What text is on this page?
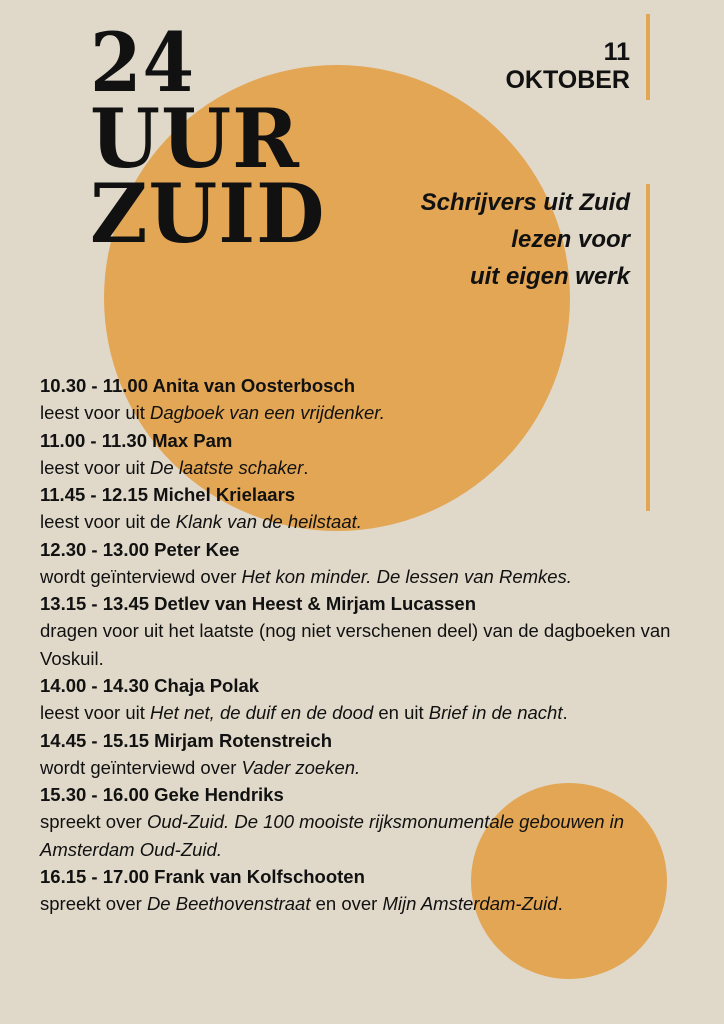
24
UUR
ZUID
11
OKTOBER
Schrijvers uit Zuid
lezen voor
uit eigen werk
10.30 - 11.00 Anita van Oosterbosch
leest voor uit Dagboek van een vrijdenker.
11.00 - 11.30 Max Pam
leest voor uit De laatste schaker.
11.45 - 12.15 Michel Krielaars
leest voor uit de Klank van de heilstaat.
12.30 - 13.00 Peter Kee
wordt geïnterviewd over Het kon minder. De lessen van Remkes.
13.15 - 13.45 Detlev van Heest & Mirjam Lucassen
dragen voor uit het laatste (nog niet verschenen deel) van de dagboeken van Voskuil.
14.00 - 14.30 Chaja Polak
leest voor uit Het net, de duif en de dood en uit Brief in de nacht.
14.45 - 15.15 Mirjam Rotenstreich
wordt geïnterviewd over Vader zoeken.
15.30 - 16.00 Geke Hendriks
spreekt over Oud-Zuid. De 100 mooiste rijksmonumentale gebouwen in Amsterdam Oud-Zuid.
16.15 - 17.00 Frank van Kolfschooten
spreekt over De Beethovenstraat en over Mijn Amsterdam-Zuid.
